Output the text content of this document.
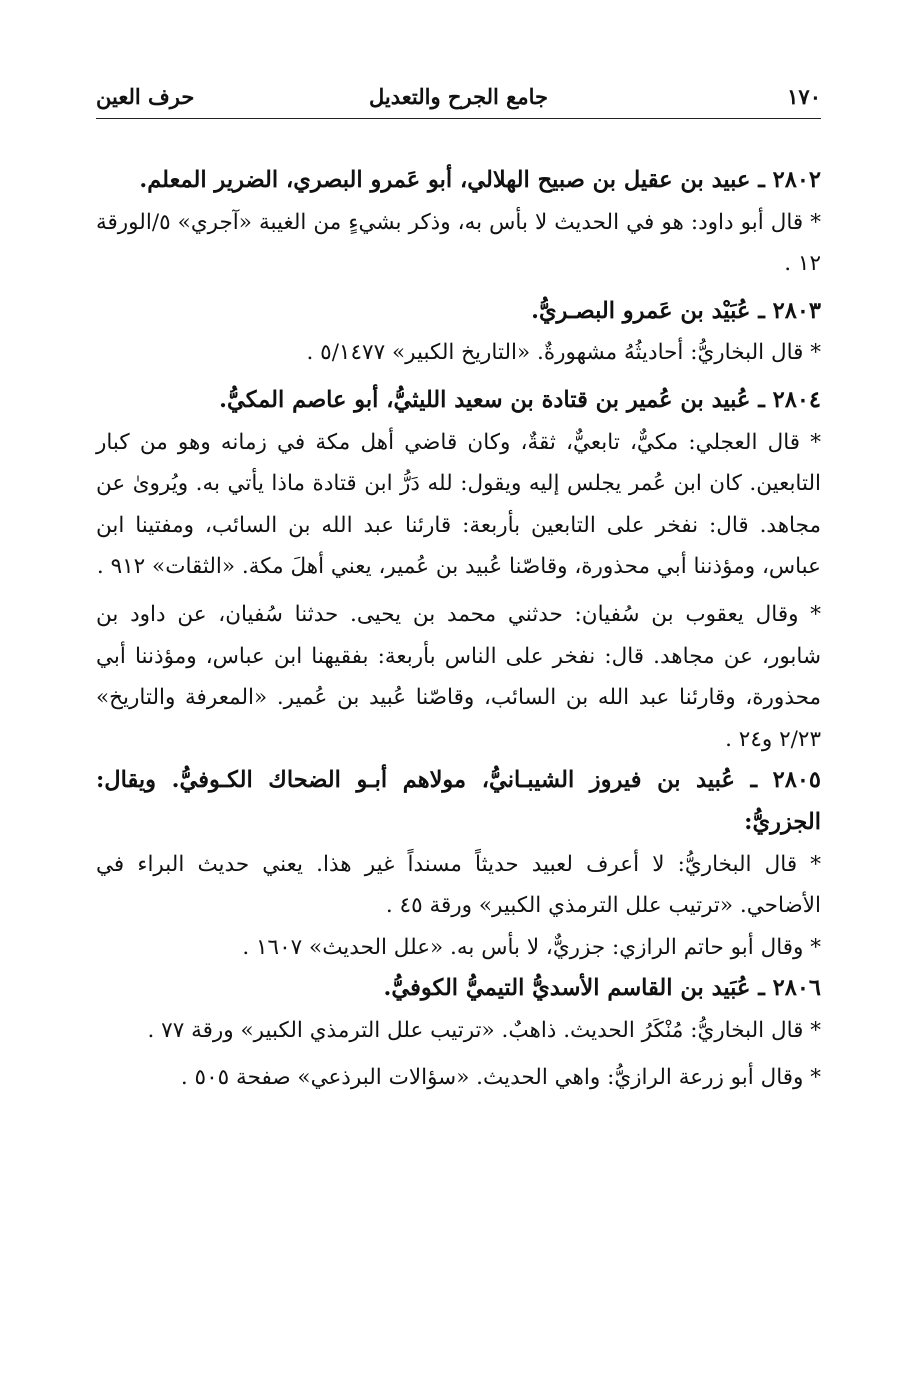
١٧٠
جامع الجرح والتعديل
حرف العين

٢٨٠٢ ـ عبيد بن عقيل بن صبيح الهلالي، أبو عَمرو البصري، الضرير المعلم.

* قال أبو داود: هو في الحديث لا بأس به، وذكر بشيءٍ من الغيبة «آجري» ٥/الورقة ١٢ .

٢٨٠٣ ـ عُبَيْد بن عَمرو البصـريُّ.

* قال البخاريُّ: أحاديثُهُ مشهورةٌ. «التاريخ الكبير» ٥/١٤٧٧ .

٢٨٠٤ ـ عُبيد بن عُمير بن قتادة بن سعيد الليثيُّ، أبو عاصم المكيُّ.

* قال العجلي: مكيٌّ، تابعيٌّ، ثقةٌ، وكان قاضي أهل مكة في زمانه وهو من كبار التابعين. كان ابن عُمر يجلس إليه ويقول: لله دَرُّ ابن قتادة ماذا يأتي به. ويُروىٰ عن مجاهد. قال: نفخر على التابعين بأربعة: قارئنا عبد الله بن السائب، ومفتينا ابن عباس، ومؤذننا أبي محذورة، وقاصّنا عُبيد بن عُمير، يعني أهلَ مكة. «الثقات» ٩١٢ .

* وقال يعقوب بن سُفيان: حدثني محمد بن يحيى. حدثنا سُفيان، عن داود بن شابور، عن مجاهد. قال: نفخر على الناس بأربعة: بفقيهنا ابن عباس، ومؤذننا أبي محذورة، وقارئنا عبد الله بن السائب، وقاصّنا عُبيد بن عُمير. «المعرفة والتاريخ» ٢/٢٣ و٢٤ .

٢٨٠٥ ـ عُبيد بن فيروز الشيبـانيُّ، مولاهم أبـو الضحاك الكـوفيُّ. ويقال: الجزريُّ:

* قال البخاريُّ: لا أعرف لعبيد حديثاً مسنداً غير هذا. يعني حديث البراء في الأضاحي. «ترتيب علل الترمذي الكبير» ورقة ٤٥ .

* وقال أبو حاتم الرازي: جزريٌّ، لا بأس به. «علل الحديث» ١٦٠٧ .

٢٨٠٦ ـ عُبَيد بن القاسم الأسديُّ التيميُّ الكوفيُّ.

* قال البخاريُّ: مُنْكَرُ الحديث. ذاهبٌ. «ترتيب علل الترمذي الكبير» ورقة ٧٧ .

* وقال أبو زرعة الرازيُّ: واهي الحديث. «سؤالات البرذعي» صفحة ٥٠٥ .
